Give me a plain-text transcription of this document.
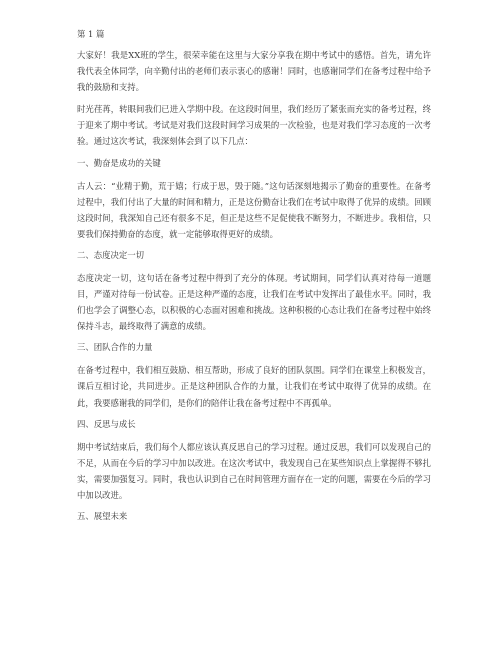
第 1 篇

大家好！我是XX班的学生，很荣幸能在这里与大家分享我在期中考试中的感悟。首先，请允许我代表全体同学，向辛勤付出的老师们表示衷心的感谢！同时，也感谢同学们在备考过程中给予我的鼓励和支持。

时光荏苒，转眼间我们已进入学期中段。在这段时间里，我们经历了紧张而充实的备考过程，终于迎来了期中考试。考试是对我们这段时间学习成果的一次检验，也是对我们学习态度的一次考验。通过这次考试，我深刻体会到了以下几点：

一、勤奋是成功的关键

古人云：“业精于勤，荒于嬉；行成于思，毁于随。”这句话深刻地揭示了勤奋的重要性。在备考过程中，我们付出了大量的时间和精力，正是这份勤奋让我们在考试中取得了优异的成绩。回顾这段时间，我深知自己还有很多不足，但正是这些不足促使我不断努力，不断进步。我相信，只要我们保持勤奋的态度，就一定能够取得更好的成绩。

二、态度决定一切

态度决定一切，这句话在备考过程中得到了充分的体现。考试期间，同学们认真对待每一道题目，严谨对待每一份试卷。正是这种严谨的态度，让我们在考试中发挥出了最佳水平。同时，我们也学会了调整心态，以积极的心态面对困难和挑战。这种积极的心态让我们在备考过程中始终保持斗志，最终取得了满意的成绩。

三、团队合作的力量

在备考过程中，我们相互鼓励、相互帮助，形成了良好的团队氛围。同学们在课堂上积极发言，课后互相讨论，共同进步。正是这种团队合作的力量，让我们在考试中取得了优异的成绩。在此，我要感谢我的同学们，是你们的陪伴让我在备考过程中不再孤单。

四、反思与成长

期中考试结束后，我们每个人都应该认真反思自己的学习过程。通过反思，我们可以发现自己的不足，从而在今后的学习中加以改进。在这次考试中，我发现自己在某些知识点上掌握得不够扎实，需要加强复习。同时，我也认识到自己在时间管理方面存在一定的问题，需要在今后的学习中加以改进。

五、展望未来
